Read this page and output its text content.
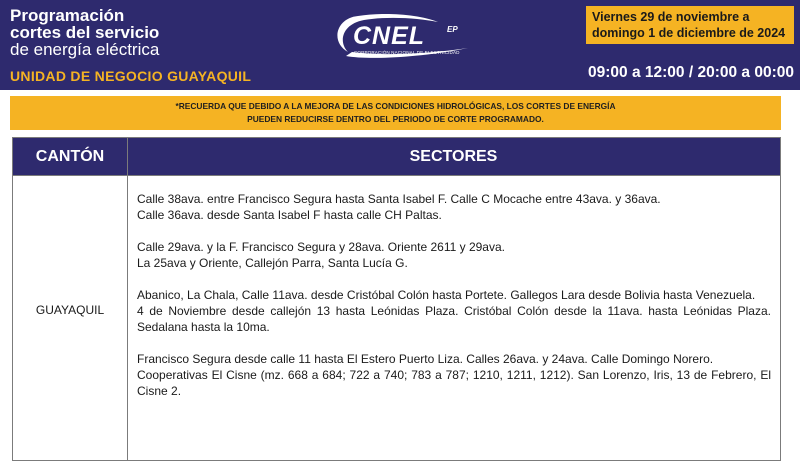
Programación
cortes del servicio
de energía eléctrica
UNIDAD DE NEGOCIO GUAYAQUIL
CNEL	EP
CORPORACIÓN NACIONAL DE ELECTRICIDAD
Viernes 29 de noviembre a
domingo 1 de diciembre de 2024
09:00 a 12:00 / 20:00 a 00:00
*RECUERDA QUE DEBIDO A LA MEJORA DE LAS CONDICIONES HIDROLÓGICAS, LOS CORTES DE ENERGÍA
PUEDEN REDUCIRSE DENTRO DEL PERIODO DE CORTE PROGRAMADO.
CANTÓN	SECTORES
GUAYAQUIL
Calle 38ava. entre Francisco Segura hasta Santa Isabel F. Calle C Mocache entre 43ava. y 36ava.
Calle 36ava. desde Santa Isabel F hasta calle CH Paltas.
Calle 29ava. y la F. Francisco Segura y 28ava. Oriente 2611 y 29ava.
La 25ava y Oriente, Callejón Parra, Santa Lucía G.
Abanico, La Chala, Calle 11ava. desde Cristóbal Colón hasta Portete. Gallegos Lara desde Bolivia hasta Venezuela.
4 de Noviembre desde callejón 13 hasta Leónidas Plaza. Cristóbal Colón desde la 11ava. hasta Leónidas Plaza. Sedalana hasta la 10ma.
Francisco Segura desde calle 11 hasta El Estero Puerto Liza. Calles 26ava. y 24ava. Calle Domingo Norero.
Cooperativas El Cisne (mz. 668 a 684; 722 a 740; 783 a 787; 1210, 1211, 1212). San Lorenzo, Iris, 13 de Febrero, El Cisne 2.
